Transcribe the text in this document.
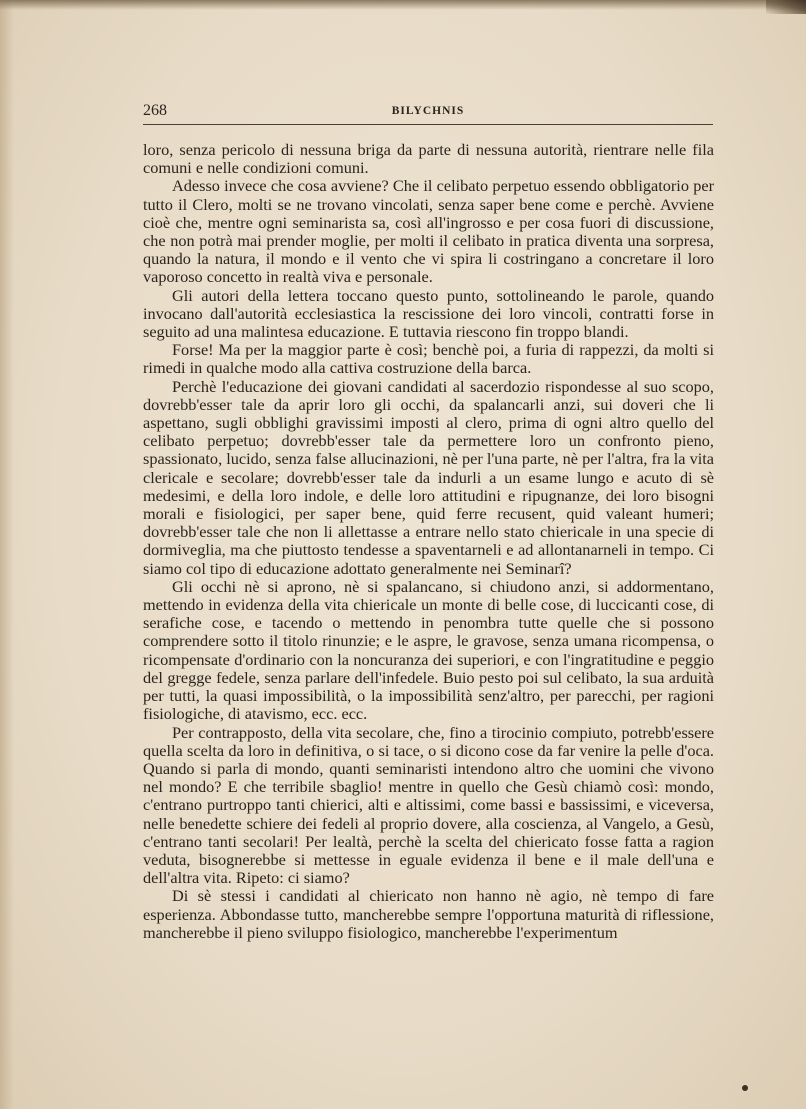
268	BILYCHNIS

loro, senza pericolo di nessuna briga da parte di nessuna autorità, rientrare nelle fila comuni e nelle condizioni comuni.

Adesso invece che cosa avviene? Che il celibato perpetuo essendo obbligatorio per tutto il Clero, molti se ne trovano vincolati, senza saper bene come e perchè. Avviene cioè che, mentre ogni seminarista sa, così all'ingrosso e per cosa fuori di discussione, che non potrà mai prender moglie, per molti il celibato in pratica diventa una sorpresa, quando la natura, il mondo e il vento che vi spira li costringano a concretare il loro vaporoso concetto in realtà viva e personale.

Gli autori della lettera toccano questo punto, sottolineando le parole, quando invocano dall'autorità ecclesiastica la rescissione dei loro vincoli, contratti forse in seguito ad una malintesa educazione. E tuttavia riescono fin troppo blandi.

Forse! Ma per la maggior parte è così; benchè poi, a furia di rappezzi, da molti si rimedi in qualche modo alla cattiva costruzione della barca.

Perchè l'educazione dei giovani candidati al sacerdozio rispondesse al suo scopo, dovrebb'esser tale da aprir loro gli occhi, da spalancarli anzi, sui doveri che li aspettano, sugli obblighi gravissimi imposti al clero, prima di ogni altro quello del celibato perpetuo; dovrebb'esser tale da permettere loro un confronto pieno, spassionato, lucido, senza false allucinazioni, nè per l'una parte, nè per l'altra, fra la vita clericale e secolare; dovrebb'esser tale da indurli a un esame lungo e acuto di sè medesimi, e della loro indole, e delle loro attitudini e ripugnanze, dei loro bisogni morali e fisiologici, per saper bene, quid ferre recusent, quid valeant humeri; dovrebb'esser tale che non li allettasse a entrare nello stato chiericale in una specie di dormiveglia, ma che piuttosto tendesse a spaventarneli e ad allontanarneli in tempo. Ci siamo col tipo di educazione adottato generalmente nei Seminarî?

Gli occhi nè si aprono, nè si spalancano, si chiudono anzi, si addormentano, mettendo in evidenza della vita chiericale un monte di belle cose, di luccicanti cose, di serafiche cose, e tacendo o mettendo in penombra tutte quelle che si possono comprendere sotto il titolo rinunzie; e le aspre, le gravose, senza umana ricompensa, o ricompensate d'ordinario con la noncuranza dei superiori, e con l'ingratitudine e peggio del gregge fedele, senza parlare dell'infedele. Buio pesto poi sul celibato, la sua arduità per tutti, la quasi impossibilità, o la impossibilità senz'altro, per parecchi, per ragioni fisiologiche, di atavismo, ecc. ecc.

Per contrapposto, della vita secolare, che, fino a tirocinio compiuto, potrebb'essere quella scelta da loro in definitiva, o si tace, o si dicono cose da far venire la pelle d'oca. Quando si parla di mondo, quanti seminaristi intendono altro che uomini che vivono nel mondo? E che terribile sbaglio! mentre in quello che Gesù chiamò così: mondo, c'entrano purtroppo tanti chierici, alti e altissimi, come bassi e bassissimi, e viceversa, nelle benedette schiere dei fedeli al proprio dovere, alla coscienza, al Vangelo, a Gesù, c'entrano tanti secolari! Per lealtà, perchè la scelta del chiericato fosse fatta a ragion veduta, bisognerebbe si mettesse in eguale evidenza il bene e il male dell'una e dell'altra vita. Ripeto: ci siamo?

Di sè stessi i candidati al chiericato non hanno nè agio, nè tempo di fare esperienza. Abbondasse tutto, mancherebbe sempre l'opportuna maturità di riflessione, mancherebbe il pieno sviluppo fisiologico, mancherebbe l'experimentum
